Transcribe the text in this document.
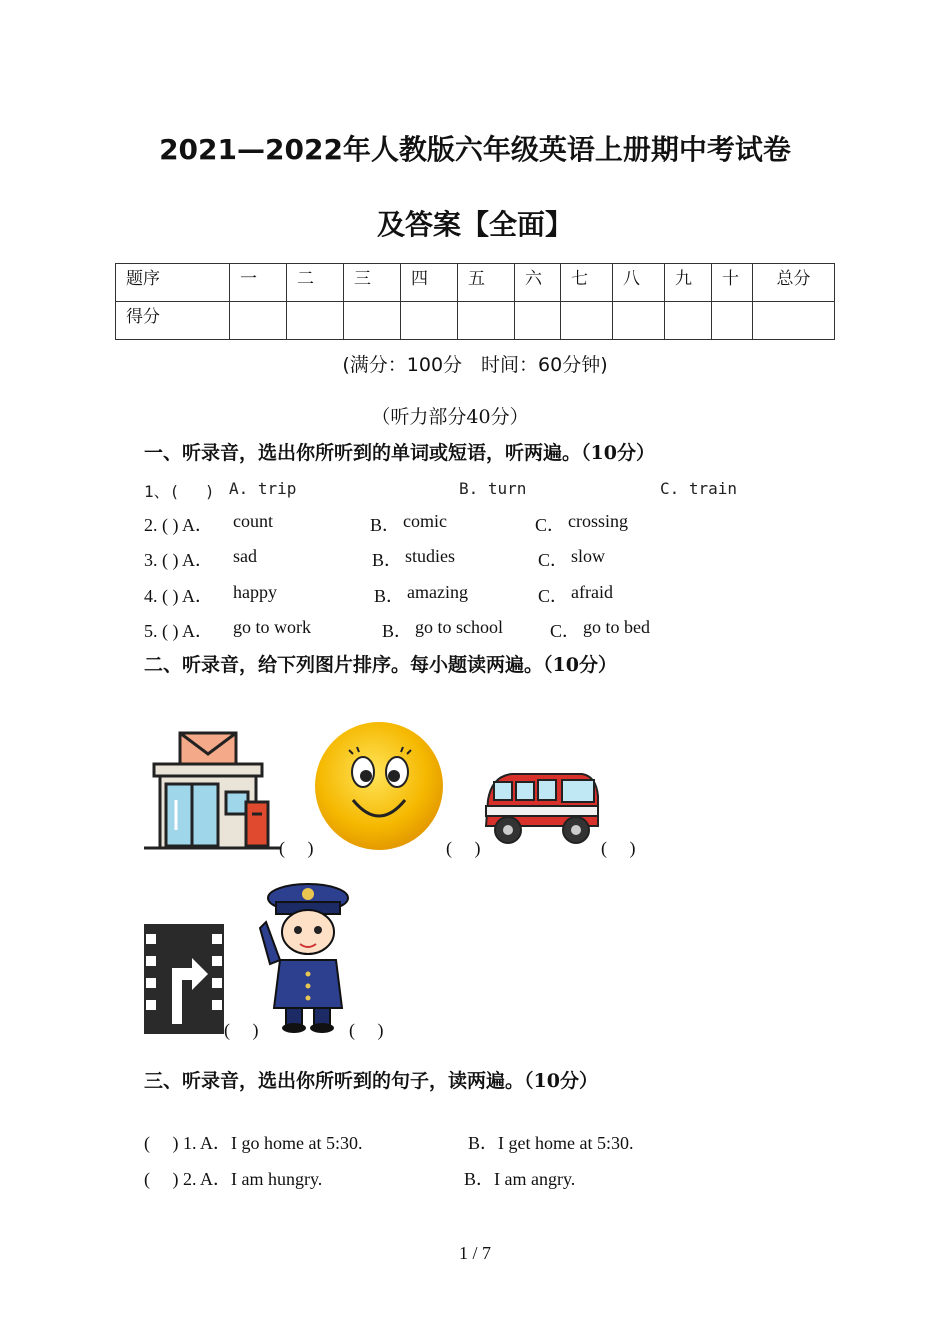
2021—2022年人教版六年级英语上册期中考试卷
及答案【全面】
题序	一	二	三	四	五	六	七	八	九	十	总分
得分											
(满分：100分　时间：60分钟)
（听力部分40分）
一、听录音，选出你所听到的单词或短语，听两遍。（10分）
1、(　 ) A. trip	B. turn	C. train
2. ( ) A． count	B． comic	C． crossing
3. ( ) A． sad	B． studies	C． slow
4. ( ) A． happy	B． amazing	C． afraid
5. ( ) A． go to work	B． go to school	C． go to bed
二、听录音，给下列图片排序。每小题读两遍。（10分）
(　 )	(　 )	(　 )
(　 )	(　 )
三、听录音，选出你所听到的句子，读两遍。（10分）
(　 ) 1. A．I go home at 5:30.	B．I get home at 5:30.
(　 ) 2. A．I am hungry.	B．I am angry.
1 / 7
